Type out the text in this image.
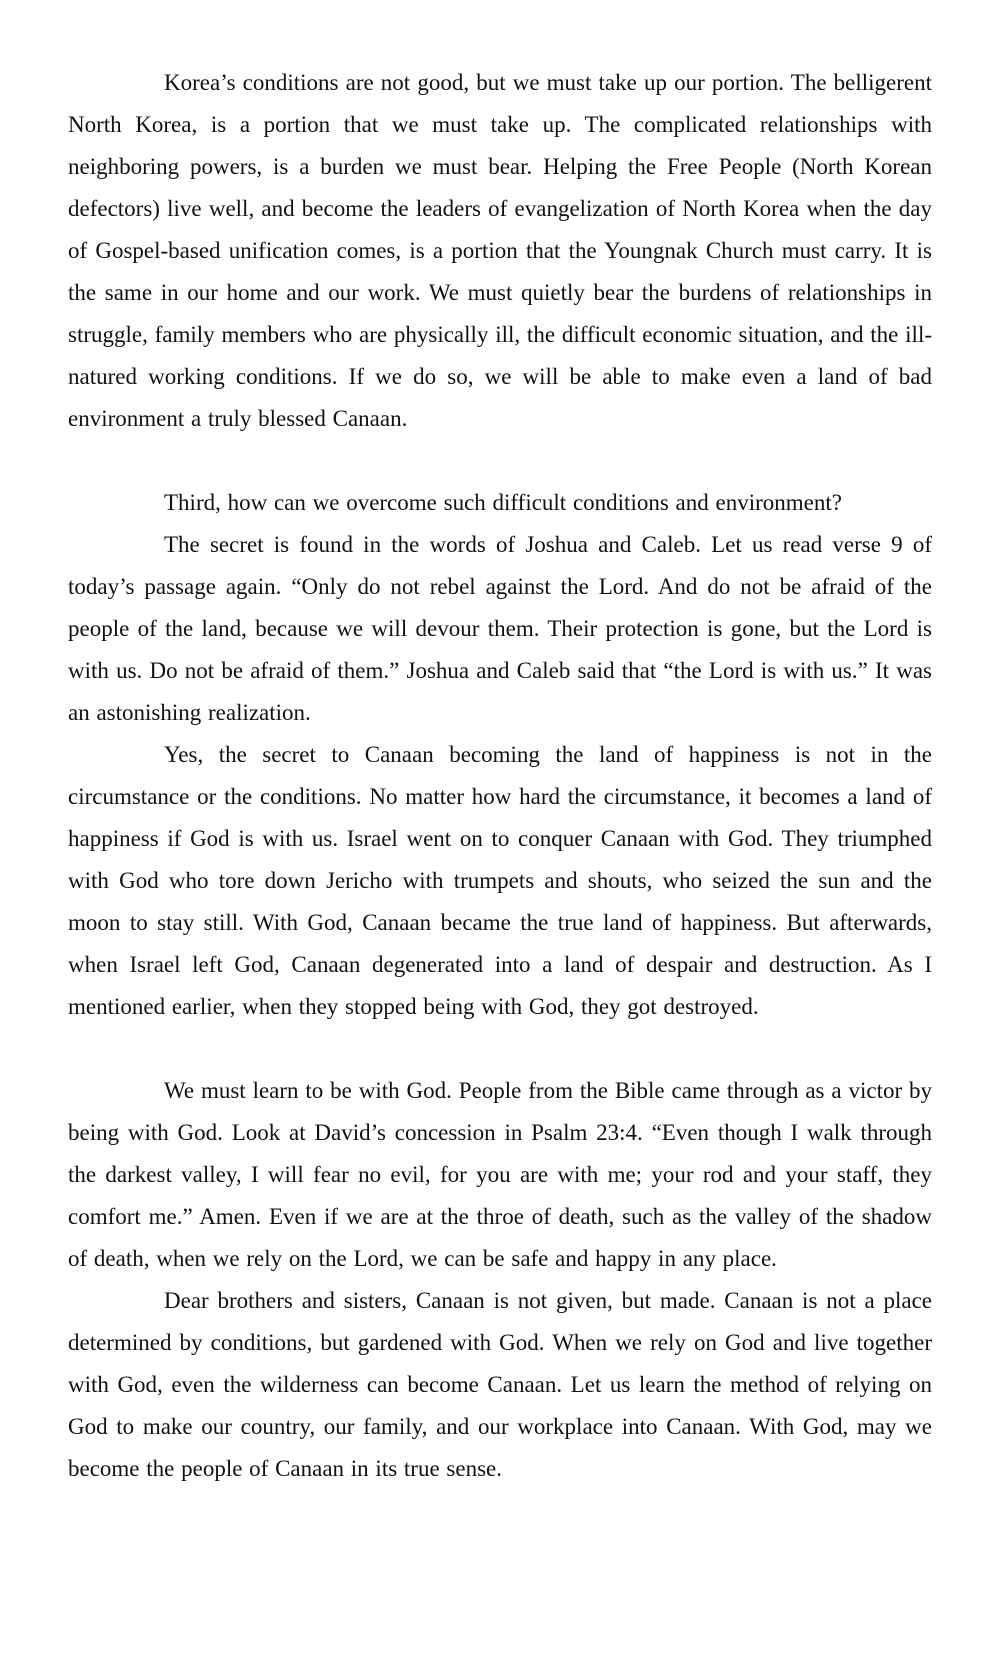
Korea’s conditions are not good, but we must take up our portion. The belligerent North Korea, is a portion that we must take up. The complicated relationships with neighboring powers, is a burden we must bear. Helping the Free People (North Korean defectors) live well, and become the leaders of evangelization of North Korea when the day of Gospel-based unification comes, is a portion that the Youngnak Church must carry. It is the same in our home and our work. We must quietly bear the burdens of relationships in struggle, family members who are physically ill, the difficult economic situation, and the ill-natured working conditions. If we do so, we will be able to make even a land of bad environment a truly blessed Canaan.

Third, how can we overcome such difficult conditions and environment?

The secret is found in the words of Joshua and Caleb. Let us read verse 9 of today’s passage again. “Only do not rebel against the Lord. And do not be afraid of the people of the land, because we will devour them. Their protection is gone, but the Lord is with us. Do not be afraid of them.” Joshua and Caleb said that “the Lord is with us.” It was an astonishing realization.

Yes, the secret to Canaan becoming the land of happiness is not in the circumstance or the conditions. No matter how hard the circumstance, it becomes a land of happiness if God is with us. Israel went on to conquer Canaan with God. They triumphed with God who tore down Jericho with trumpets and shouts, who seized the sun and the moon to stay still. With God, Canaan became the true land of happiness. But afterwards, when Israel left God, Canaan degenerated into a land of despair and destruction. As I mentioned earlier, when they stopped being with God, they got destroyed.

We must learn to be with God. People from the Bible came through as a victor by being with God. Look at David’s concession in Psalm 23:4. “Even though I walk through the darkest valley, I will fear no evil, for you are with me; your rod and your staff, they comfort me.” Amen. Even if we are at the throe of death, such as the valley of the shadow of death, when we rely on the Lord, we can be safe and happy in any place.

Dear brothers and sisters, Canaan is not given, but made. Canaan is not a place determined by conditions, but gardened with God. When we rely on God and live together with God, even the wilderness can become Canaan. Let us learn the method of relying on God to make our country, our family, and our workplace into Canaan. With God, may we become the people of Canaan in its true sense.
